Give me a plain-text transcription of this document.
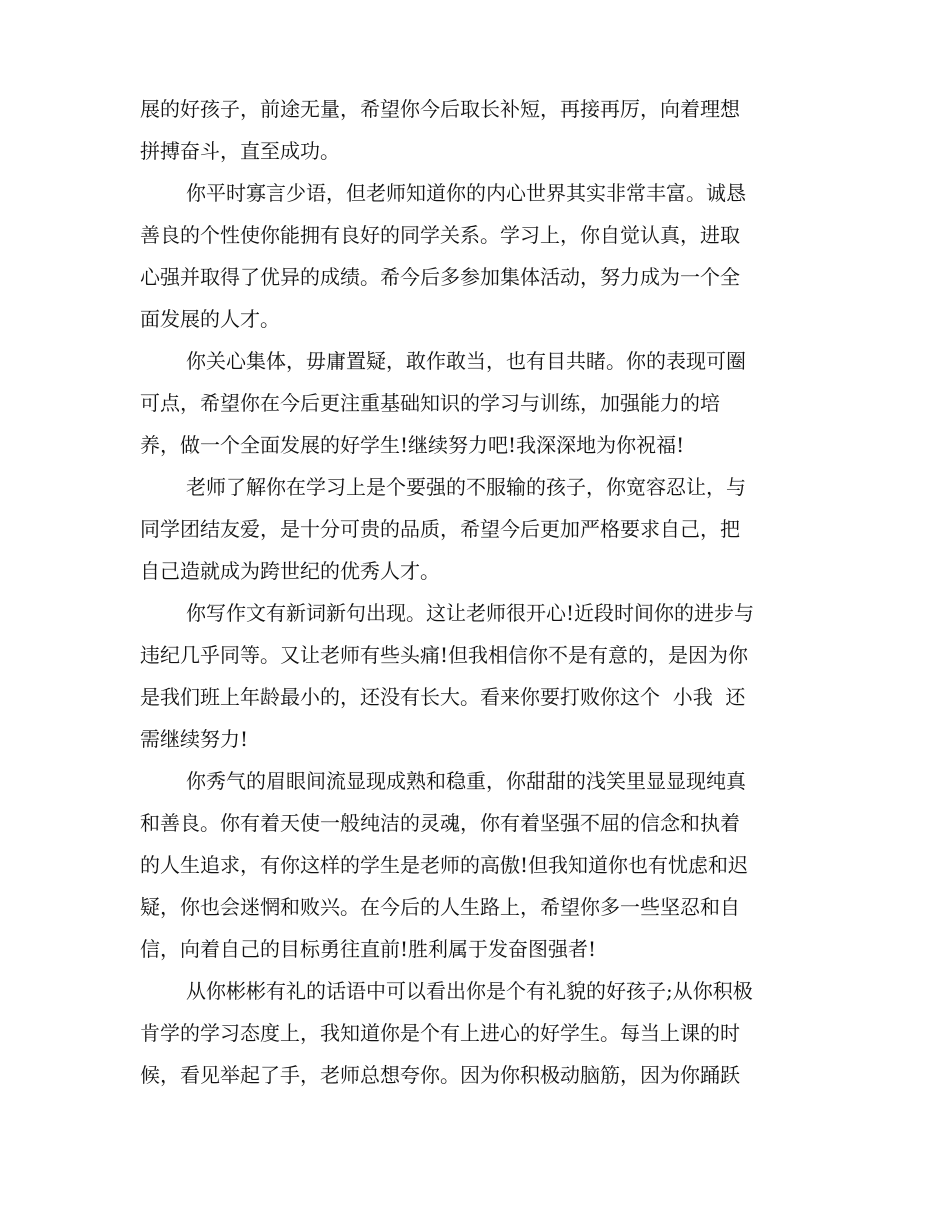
展的好孩子，前途无量，希望你今后取长补短，再接再厉，向着理想
拼搏奋斗，直至成功。
你平时寡言少语，但老师知道你的内心世界其实非常丰富。诚恳
善良的个性使你能拥有良好的同学关系。学习上，你自觉认真，进取
心强并取得了优异的成绩。希今后多参加集体活动，努力成为一个全
面发展的人才。
你关心集体，毋庸置疑，敢作敢当，也有目共睹。你的表现可圈
可点，希望你在今后更注重基础知识的学习与训练，加强能力的培
养，做一个全面发展的好学生!继续努力吧!我深深地为你祝福!
老师了解你在学习上是个要强的不服输的孩子，你宽容忍让，与
同学团结友爱，是十分可贵的品质，希望今后更加严格要求自己，把
自己造就成为跨世纪的优秀人才。
你写作文有新词新句出现。这让老师很开心!近段时间你的进步与
违纪几乎同等。又让老师有些头痛!但我相信你不是有意的，是因为你
是我们班上年龄最小的，还没有长大。看来你要打败你这个  小我  还
需继续努力!
你秀气的眉眼间流显现成熟和稳重，你甜甜的浅笑里显显现纯真
和善良。你有着天使一般纯洁的灵魂，你有着坚强不屈的信念和执着
的人生追求，有你这样的学生是老师的高傲!但我知道你也有忧虑和迟
疑，你也会迷惘和败兴。在今后的人生路上，希望你多一些坚忍和自
信，向着自己的目标勇往直前!胜利属于发奋图强者!
从你彬彬有礼的话语中可以看出你是个有礼貌的好孩子;从你积极
肯学的学习态度上，我知道你是个有上进心的好学生。每当上课的时
候，看见举起了手，老师总想夸你。因为你积极动脑筋，因为你踊跃
